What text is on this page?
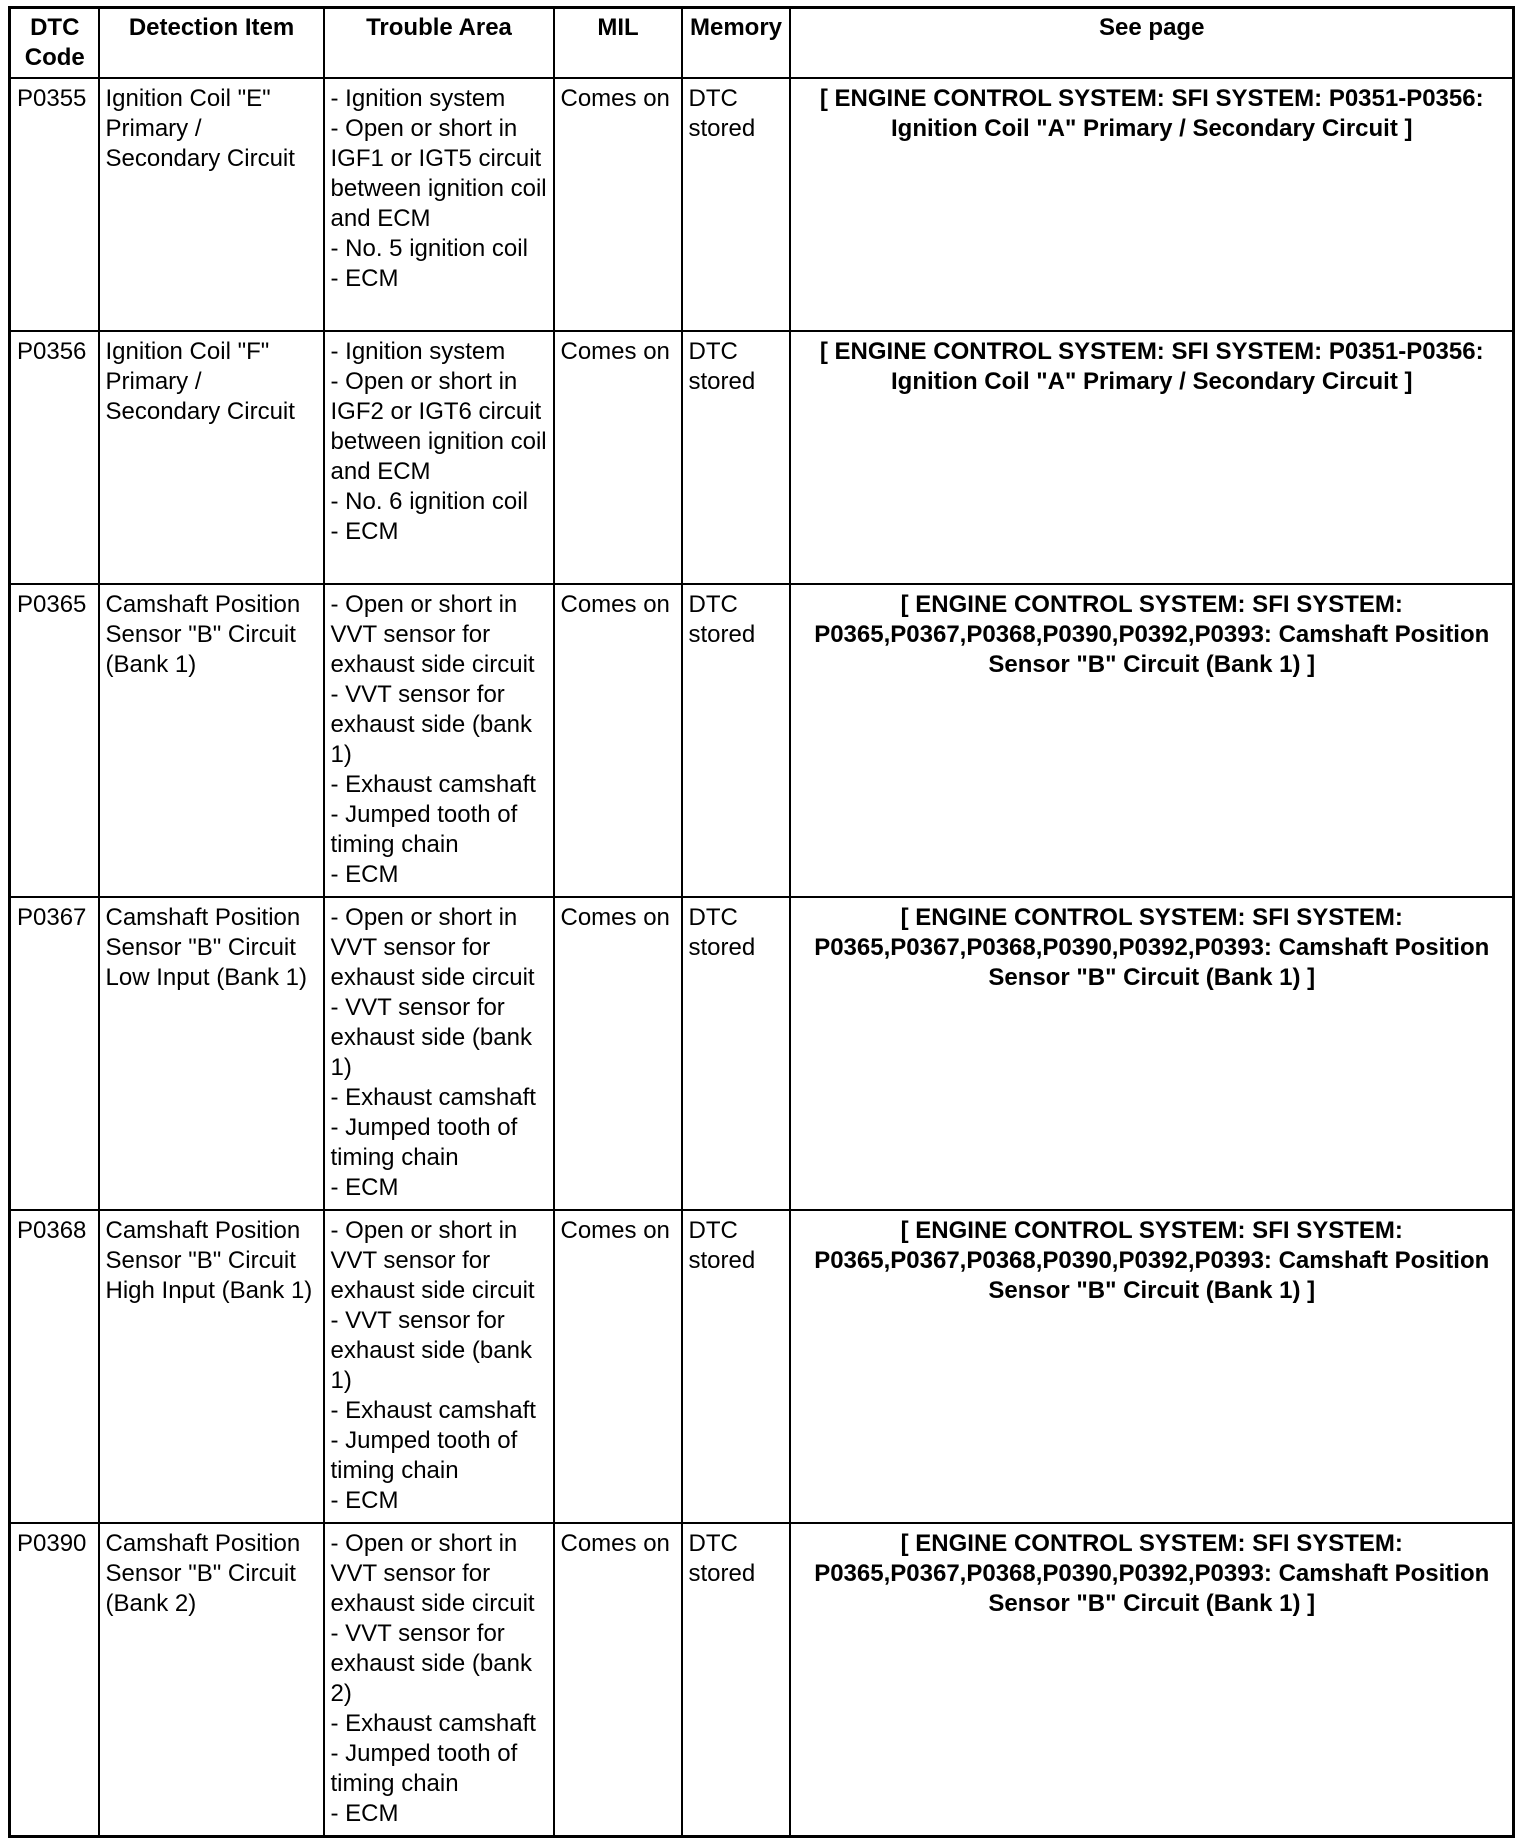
DTC Code	Detection Item	Trouble Area	MIL	Memory	See page
P0355	Ignition Coil "E" Primary / Secondary Circuit	- Ignition system
- Open or short in IGF1 or IGT5 circuit between ignition coil and ECM
- No. 5 ignition coil
- ECM	Comes on	DTC stored	[ ENGINE CONTROL SYSTEM: SFI SYSTEM: P0351-P0356: Ignition Coil "A" Primary / Secondary Circuit ]
P0356	Ignition Coil "F" Primary / Secondary Circuit	- Ignition system
- Open or short in IGF2 or IGT6 circuit between ignition coil and ECM
- No. 6 ignition coil
- ECM	Comes on	DTC stored	[ ENGINE CONTROL SYSTEM: SFI SYSTEM: P0351-P0356: Ignition Coil "A" Primary / Secondary Circuit ]
P0365	Camshaft Position Sensor "B" Circuit (Bank 1)	- Open or short in VVT sensor for exhaust side circuit
- VVT sensor for exhaust side (bank 1)
- Exhaust camshaft
- Jumped tooth of timing chain
- ECM	Comes on	DTC stored	[ ENGINE CONTROL SYSTEM: SFI SYSTEM: P0365,P0367,P0368,P0390,P0392,P0393: Camshaft Position Sensor "B" Circuit (Bank 1) ]
P0367	Camshaft Position Sensor "B" Circuit Low Input (Bank 1)	- Open or short in VVT sensor for exhaust side circuit
- VVT sensor for exhaust side (bank 1)
- Exhaust camshaft
- Jumped tooth of timing chain
- ECM	Comes on	DTC stored	[ ENGINE CONTROL SYSTEM: SFI SYSTEM: P0365,P0367,P0368,P0390,P0392,P0393: Camshaft Position Sensor "B" Circuit (Bank 1) ]
P0368	Camshaft Position Sensor "B" Circuit High Input (Bank 1)	- Open or short in VVT sensor for exhaust side circuit
- VVT sensor for exhaust side (bank 1)
- Exhaust camshaft
- Jumped tooth of timing chain
- ECM	Comes on	DTC stored	[ ENGINE CONTROL SYSTEM: SFI SYSTEM: P0365,P0367,P0368,P0390,P0392,P0393: Camshaft Position Sensor "B" Circuit (Bank 1) ]
P0390	Camshaft Position Sensor "B" Circuit (Bank 2)	- Open or short in VVT sensor for exhaust side circuit
- VVT sensor for exhaust side (bank 2)
- Exhaust camshaft
- Jumped tooth of timing chain
- ECM	Comes on	DTC stored	[ ENGINE CONTROL SYSTEM: SFI SYSTEM: P0365,P0367,P0368,P0390,P0392,P0393: Camshaft Position Sensor "B" Circuit (Bank 1) ]
